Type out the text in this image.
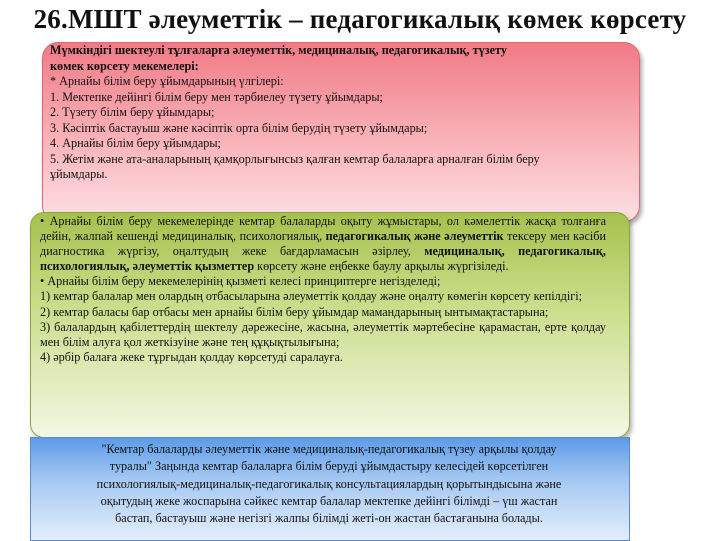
26.МШТ әлеуметтік – педагогикалық көмек көрсету
Мүмкіндігі шектеулі тұлғаларға әлеуметтік, медициналық, педагогикалық, түзету
көмек көрсету мекемелері:
* Арнайы білім беру ұйымдарының үлгілері:
1. Мектепке дейінгі білім беру мен тәрбиелеу түзету ұйымдары;
2. Түзету білім беру ұйымдары;
3. Кәсіптік бастауыш және кәсіптік орта білім берудің түзету ұйымдары;
4. Арнайы білім беру ұйымдары;
5. Жетім және ата-аналарының қамқорлығынсыз қалған кемтар балаларға арналған білім беру
ұйымдары.
• Арнайы білім беру мекемелерінде кемтар балаларды оқыту жұмыстары, ол кәмелеттік жасқа толғанға дейін, жалпай кешенді медициналық, психологиялық, педагогикалық және әлеуметтік тексеру мен кәсіби диагностика жүргізу, оңалтудың жеке бағдарламасын әзірлеу, медициналық, педагогикалық, психологиялық, әлеуметтік қызметтер көрсету және еңбекке баулу арқылы жүргізіледі.
• Арнайы білім беру мекемелерінің қызметі келесі принциптерге негізделеді;
1) кемтар балалар мен олардың отбасыларына әлеуметтік қолдау және оңалту көмегін көрсету кепілдігі;
2) кемтар баласы бар отбасы мен арнайы білім беру ұйымдар мамандарының ынтымақтастарына;
3) балалардың қабілеттердің шектелу дәрежесіне, жасына, әлеуметтік мәртебесіне қарамастан, ерте қолдау мен білім алуға қол жеткізуіне және тең құқықтылығына;
4) әрбір балаға жеке тұрғыдан қолдау көрсетуді саралауға.
"Кемтар балаларды әлеуметтік және медициналық-педагогикалық түзеу арқылы қолдау
туралы" Заңында кемтар балаларға білім беруді ұйымдастыру келесідей көрсетілген
психологиялық-медициналық-педагогикалық консультациялардың қорытындысына және
оқытудың жеке жоспарына сәйкес кемтар балалар мектепке дейінгі білімді – үш жастан
бастап, бастауыш және негізгі жалпы білімді жеті-он жастан бастағанына болады.
